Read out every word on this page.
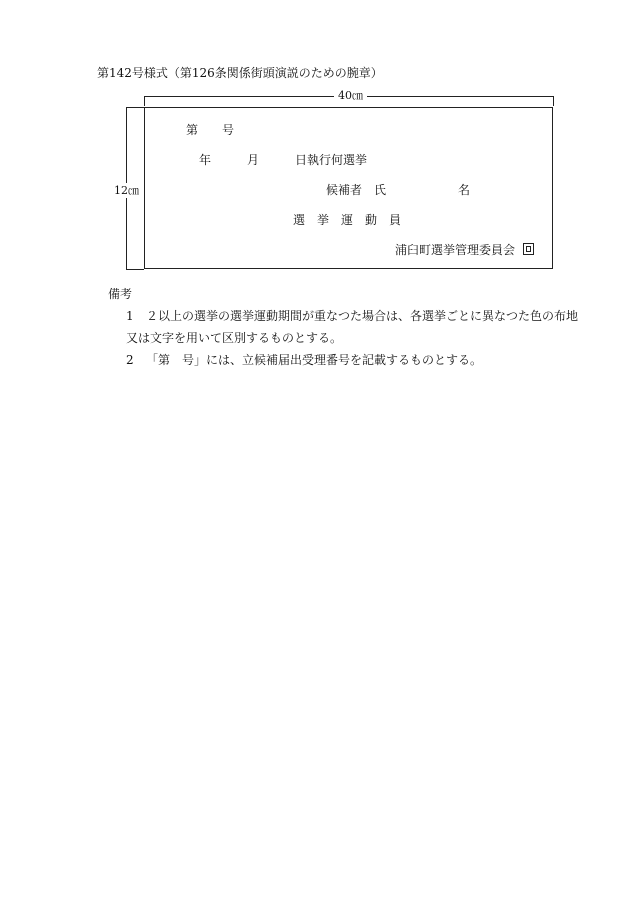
第142号様式（第126条関係街頭演説のための腕章）
40㎝
12㎝
第　　号
年　　　月　　　日執行何選挙
候補者　氏　　　　　　名
選　挙　運　動　員
浦臼町選挙管理委員会
備考
1 ２以上の選挙の選挙運動期間が重なつた場合は、各選挙ごとに異なつた色の布地
又は文字を用いて区別するものとする。
2 「第　号」には、立候補届出受理番号を記載するものとする。
